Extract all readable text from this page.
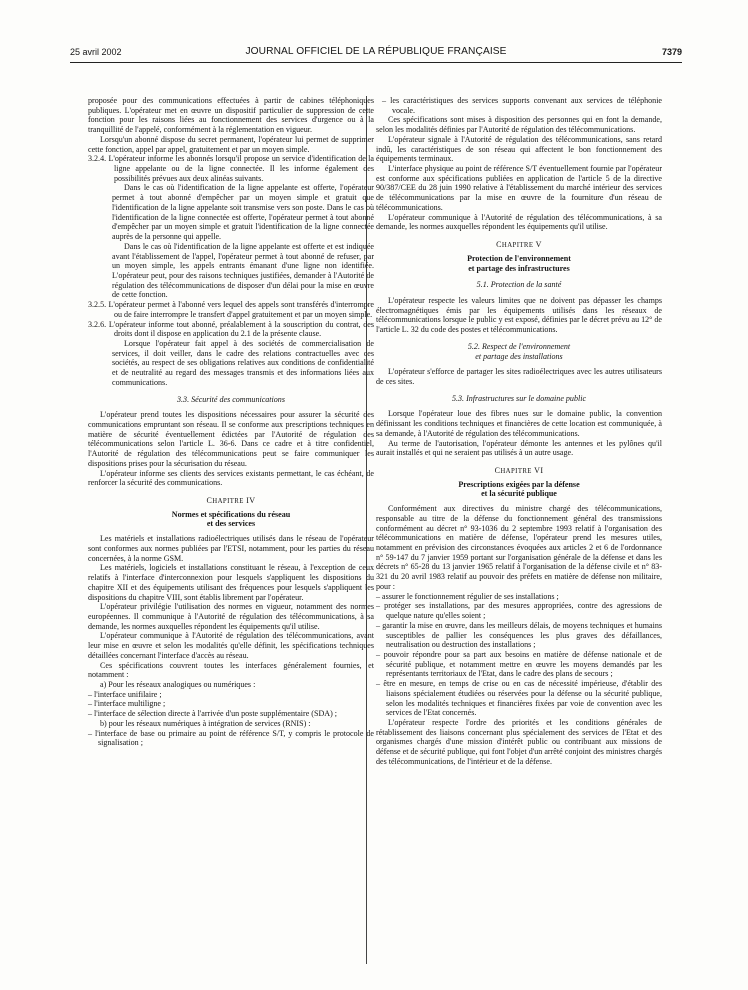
25 avril 2002	JOURNAL OFFICIEL DE LA RÉPUBLIQUE FRANÇAISE	7379

proposée pour des communications effectuées à partir de cabines téléphoniques publiques. L'opérateur met en œuvre un dispositif particulier de suppression de cette fonction pour les raisons liées au fonctionnement des services d'urgence ou à la tranquillité de l'appelé, conformément à la réglementation en vigueur.

Lorsqu'un abonné dispose du secret permanent, l'opérateur lui permet de supprimer cette fonction, appel par appel, gratuitement et par un moyen simple.

3.2.4. L'opérateur informe les abonnés lorsqu'il propose un service d'identification de la ligne appelante ou de la ligne connectée. Il les informe également des possibilités prévues aux deux alinéas suivants.

Dans le cas où l'identification de la ligne appelante est offerte, l'opérateur permet à tout abonné d'empêcher par un moyen simple et gratuit que l'identification de la ligne appelante soit transmise vers son poste. Dans le cas où l'identification de la ligne connectée est offerte, l'opérateur permet à tout abonné d'empêcher par un moyen simple et gratuit l'identification de la ligne connectée auprès de la personne qui appelle.

Dans le cas où l'identification de la ligne appelante est offerte et est indiquée avant l'établissement de l'appel, l'opérateur permet à tout abonné de refuser, par un moyen simple, les appels entrants émanant d'une ligne non identifiée. L'opérateur peut, pour des raisons techniques justifiées, demander à l'Autorité de régulation des télécommunications de disposer d'un délai pour la mise en œuvre de cette fonction.

3.2.5. L'opérateur permet à l'abonné vers lequel des appels sont transférés d'interrompre ou de faire interrompre le transfert d'appel gratuitement et par un moyen simple.

3.2.6. L'opérateur informe tout abonné, préalablement à la souscription du contrat, des droits dont il dispose en application du 2.1 de la présente clause.

Lorsque l'opérateur fait appel à des sociétés de commercialisation de services, il doit veiller, dans le cadre des relations contractuelles avec ces sociétés, au respect de ses obligations relatives aux conditions de confidentialité et de neutralité au regard des messages transmis et des informations liées aux communications.

3.3. Sécurité des communications

L'opérateur prend toutes les dispositions nécessaires pour assurer la sécurité des communications empruntant son réseau. Il se conforme aux prescriptions techniques en matière de sécurité éventuellement édictées par l'Autorité de régulation des télécommunications selon l'article L. 36-6. Dans ce cadre et à titre confidentiel, l'Autorité de régulation des télécommunications peut se faire communiquer les dispositions prises pour la sécurisation du réseau.

L'opérateur informe ses clients des services existants permettant, le cas échéant, de renforcer la sécurité des communications.

CHAPITRE IV
Normes et spécifications du réseau
et des services

Les matériels et installations radioélectriques utilisés dans le réseau de l'opérateur sont conformes aux normes publiées par l'ETSI, notamment, pour les parties du réseau concernées, à la norme GSM.

Les matériels, logiciels et installations constituant le réseau, à l'exception de ceux relatifs à l'interface d'interconnexion pour lesquels s'appliquent les dispositions du chapitre XII et des équipements utilisant des fréquences pour lesquels s'appliquent les dispositions du chapitre VIII, sont établis librement par l'opérateur.

L'opérateur privilégie l'utilisation des normes en vigueur, notamment des normes européennes. Il communique à l'Autorité de régulation des télécommunications, à sa demande, les normes auxquelles répondent les équipements qu'il utilise.

L'opérateur communique à l'Autorité de régulation des télécommunications, avant leur mise en œuvre et selon les modalités qu'elle définit, les spécifications techniques détaillées concernant l'interface d'accès au réseau.

Ces spécifications couvrent toutes les interfaces généralement fournies, et notamment :

a) Pour les réseaux analogiques ou numériques :

– l'interface unifilaire ;

– l'interface multiligne ;

– l'interface de sélection directe à l'arrivée d'un poste supplémentaire (SDA) ;

b) pour les réseaux numériques à intégration de services (RNIS) :

– l'interface de base ou primaire au point de référence S/T, y compris le protocole de signalisation ;

– les caractéristiques des services supports convenant aux services de téléphonie vocale.

Ces spécifications sont mises à disposition des personnes qui en font la demande, selon les modalités définies par l'Autorité de régulation des télécommunications.

L'opérateur signale à l'Autorité de régulation des télécommunications, sans retard indû, les caractéristiques de son réseau qui affectent le bon fonctionnement des équipements terminaux.

L'interface physique au point de référence S/T éventuellement fournie par l'opérateur est conforme aux spécifications publiées en application de l'article 5 de la directive 90/387/CEE du 28 juin 1990 relative à l'établissement du marché intérieur des services de télécommunications par la mise en œuvre de la fourniture d'un réseau de télécommunications.

L'opérateur communique à l'Autorité de régulation des télécommunications, à sa demande, les normes auxquelles répondent les équipements qu'il utilise.

CHAPITRE V
Protection de l'environnement
et partage des infrastructures
5.1. Protection de la santé

L'opérateur respecte les valeurs limites que ne doivent pas dépasser les champs électromagnétiques émis par les équipements utilisés dans les réseaux de télécommunications lorsque le public y est exposé, définies par le décret prévu au 12° de l'article L. 32 du code des postes et télécommunications.

5.2. Respect de l'environnement
et partage des installations

L'opérateur s'efforce de partager les sites radioélectriques avec les autres utilisateurs de ces sites.

5.3. Infrastructures sur le domaine public

Lorsque l'opérateur loue des fibres nues sur le domaine public, la convention définissant les conditions techniques et financières de cette location est communiquée, à sa demande, à l'Autorité de régulation des télécommunications.

Au terme de l'autorisation, l'opérateur démonte les antennes et les pylônes qu'il aurait installés et qui ne seraient pas utilisés à un autre usage.

CHAPITRE VI
Prescriptions exigées par la défense
et la sécurité publique

Conformément aux directives du ministre chargé des télécommunications, responsable au titre de la défense du fonctionnement général des transmissions conformément au décret n° 93-1036 du 2 septembre 1993 relatif à l'organisation des télécommunications en matière de défense, l'opérateur prend les mesures utiles, notamment en prévision des circonstances évoquées aux articles 2 et 6 de l'ordonnance n° 59-147 du 7 janvier 1959 portant sur l'organisation générale de la défense et dans les décrets n° 65-28 du 13 janvier 1965 relatif à l'organisation de la défense civile et n° 83-321 du 20 avril 1983 relatif au pouvoir des préfets en matière de défense non militaire, pour :

– assurer le fonctionnement régulier de ses installations ;

– protéger ses installations, par des mesures appropriées, contre des agressions de quelque nature qu'elles soient ;

– garantir la mise en œuvre, dans les meilleurs délais, de moyens techniques et humains susceptibles de pallier les conséquences les plus graves des défaillances, neutralisation ou destruction des installations ;

– pouvoir répondre pour sa part aux besoins en matière de défense nationale et de sécurité publique, et notamment mettre en œuvre les moyens demandés par les représentants territoriaux de l'Etat, dans le cadre des plans de secours ;

– être en mesure, en temps de crise ou en cas de nécessité impérieuse, d'établir des liaisons spécialement étudiées ou réservées pour la défense ou la sécurité publique, selon les modalités techniques et financières fixées par voie de convention avec les services de l'Etat concernés.

L'opérateur respecte l'ordre des priorités et les conditions générales de rétablissement des liaisons concernant plus spécialement des services de l'Etat et des organismes chargés d'une mission d'intérêt public ou contribuant aux missions de défense et de sécurité publique, qui font l'objet d'un arrêté conjoint des ministres chargés des télécommunications, de l'intérieur et de la défense.
